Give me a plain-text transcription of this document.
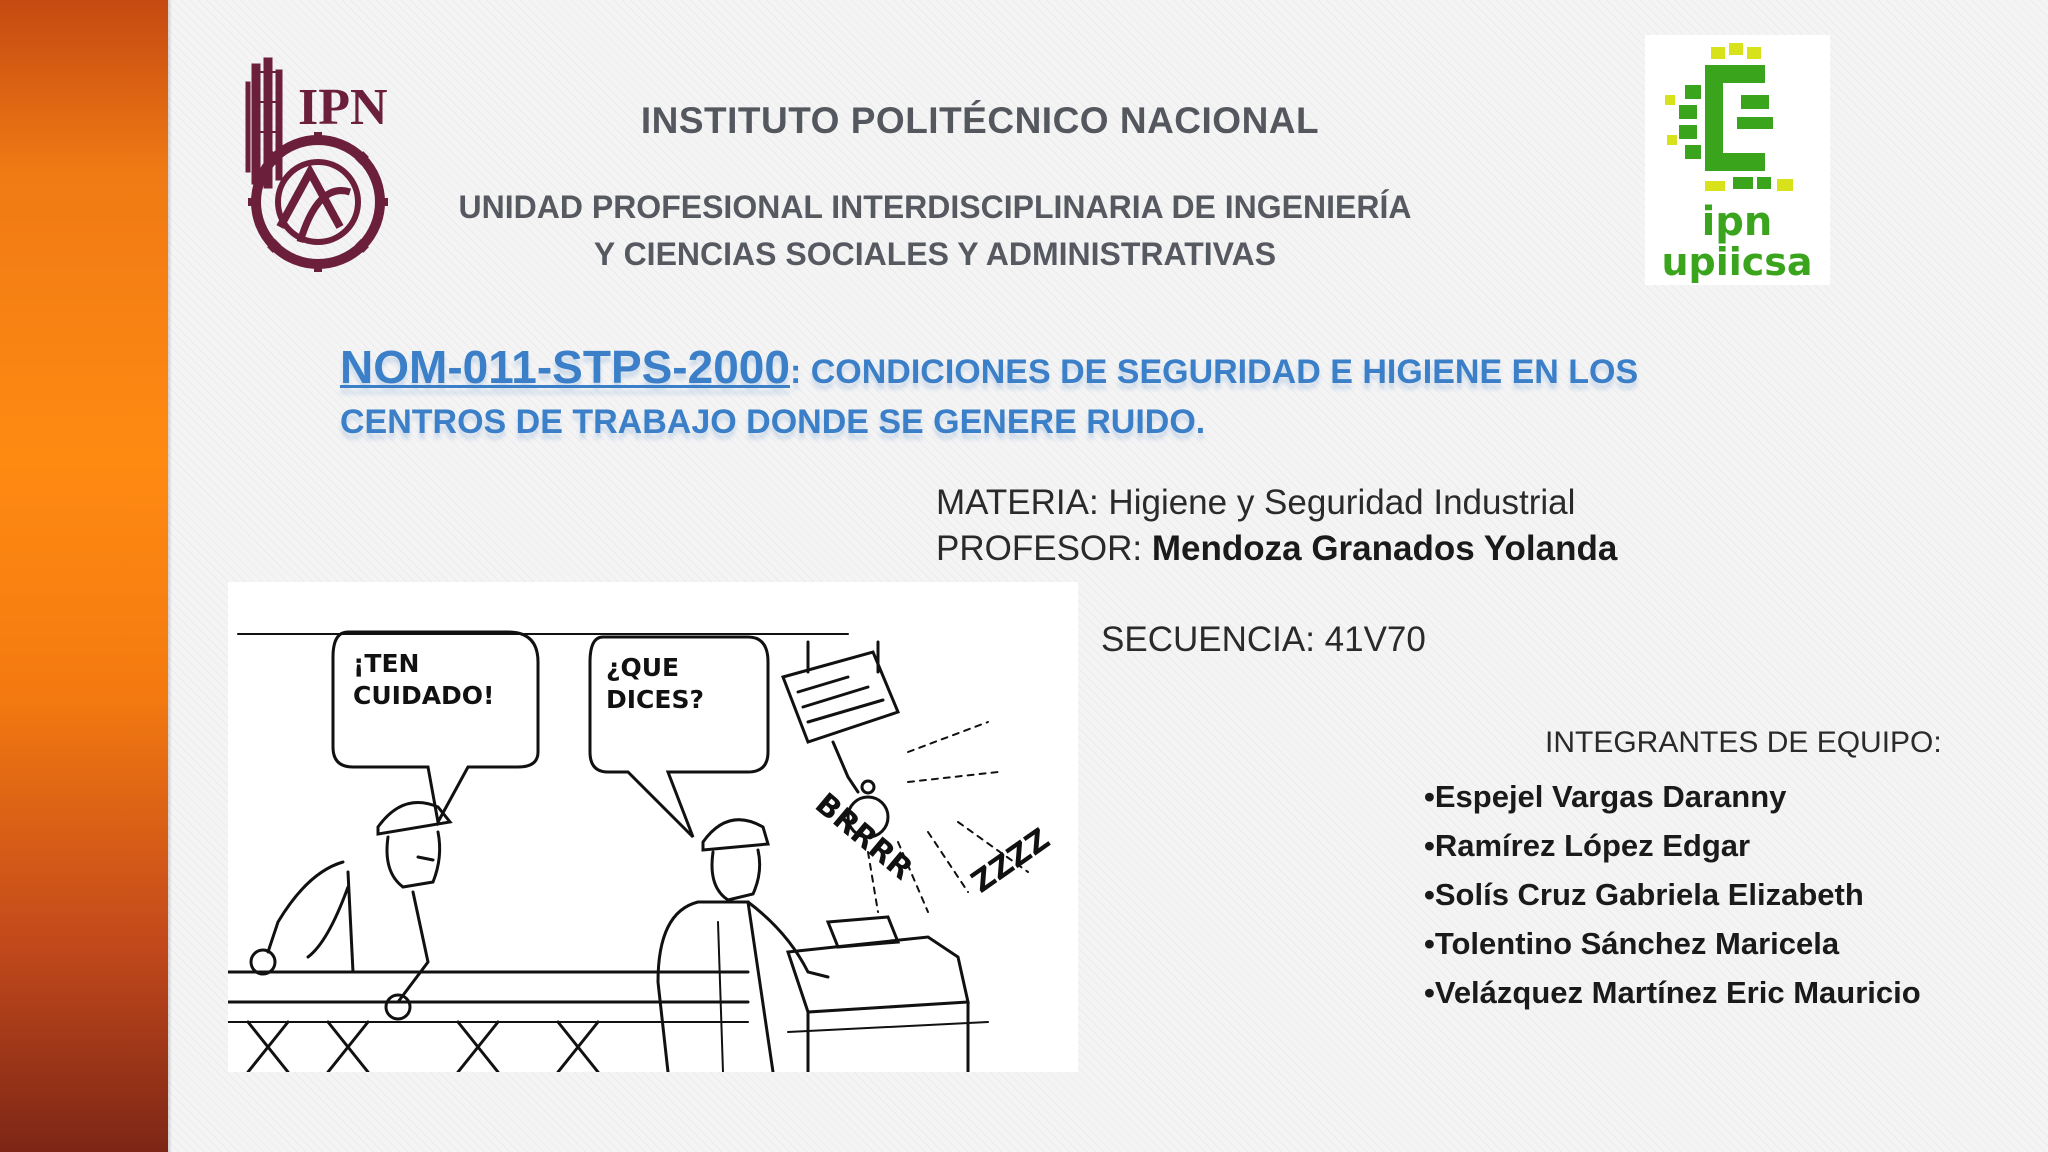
IPN
ipn
upiicsa
INSTITUTO POLITÉCNICO NACIONAL
UNIDAD PROFESIONAL INTERDISCIPLINARIA DE INGENIERÍA
Y CIENCIAS SOCIALES Y ADMINISTRATIVAS
NOM-011-STPS-2000: CONDICIONES DE SEGURIDAD E HIGIENE EN LOS CENTROS DE TRABAJO DONDE SE GENERE RUIDO.
MATERIA: Higiene y Seguridad Industrial
PROFESOR: Mendoza Granados Yolanda
SECUENCIA: 41V70
INTEGRANTES DE EQUIPO:
•Espejel Vargas Daranny
•Ramírez López Edgar
•Solís Cruz Gabriela Elizabeth
•Tolentino Sánchez Maricela
•Velázquez Martínez Eric Mauricio
¡TEN
CUIDADO!
¿QUE
DICES?
BRRRR ZZZZ
